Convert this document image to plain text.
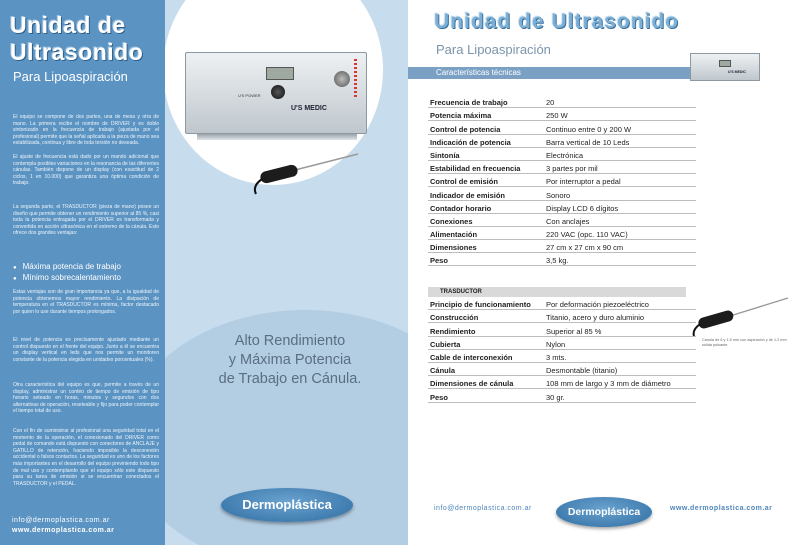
Unidad de
Ultrasonido
Para Lipoaspiración
El equipo se compone de dos partes, una de mesa y otra de mano. La primera recibe el nombre de DRIVER y es doble sintonizado en la frecuencia de trabajo (ajustada por el profesional) permite que la señal aplicada a la pieza de mano sea estabilizada, continua y libre de toda torsión no deseada.
El ajuste de frecuencia está dado por un mando adicional que contempla posibles variaciones en la resonancia de las diferentes cánulas. También dispone de un display (con exactitud de 2 ciclos, 1 en 10.000) que garantiza una óptima condición de trabajo.
La segunda parte, el TRASDUCTOR (pieza de mano) posee un diseño que permite obtener un rendimiento superior al 85 %, casi toda la potencia entragada por el DRIVER es transformada y convertida en acción ultrasónica en el extremo de la cánula. Esto ofrece dos grandes ventajas:
● Máxima potencia de trabajo
● Mínimo sobrecalentamiento
Estas ventajas son de gran importancia ya que, a la igualdad de potencia obtenemos mayor rendimiento. La disipación de temperatura en el TRASDUCTOR es mínima, factor destacado por quien lo use durante tiempos prolongados.
El nivel de potencia es precisamente ajustado mediante un control dispuesto en el frente del equipo. Junto a él se encuentra un display vertical en leds que nos permite un monitoreo constante de la potencia elegida en unidades porcentuales (%).
Otra característica del equipo es que, permite a través de un display, administrar un contéo de tiempo de emisión de tipo horario seteado en horas, minutos y segundos con dos alternativas de operación, reseteable y fijo para poder contemplar el tiempo total de uso.
Con el fin de suministrar al profesional una seguridad total en el momento de la operación, el conexionado del DRIVER como pedal de comando está dispuesto con conectores de ANCLAJE y GATILLO de retención, haciendo imposible la desconexión accidental o falsos contactos. La seguridad es uno de los factores más importantes en el desarrollo del equipo previniendo todo tipo de mal uso y contemplando que el equipo sólo este dispuesto para su tarea de emisión si se encuentran conectados el TRASDUCTOR y el PEDAL.
info@dermoplastica.com.ar
www.dermoplastica.com.ar
U'S POWER
U'S MEDIC
Alto Rendimiento
y Máxima Potencia
de Trabajo en Cánula.
Dermoplástica
Unidad de Ultrasonido
Para Lipoaspiración
Características técnicas	U'S MEDIC
Frecuencia de trabajo	20
Potencia máxima	250 W
Control de potencia	Continuo entre 0 y 200 W
Indicación de potencia	Barra vertical de 10 Leds
Sintonía	Electrónica
Estabilidad en frecuencia	3 partes por mil
Control de emisión	Por interruptor a pedal
Indicador de emisión	Sonoro
Contador horario	Display LCD 6 dígitos
Conexiones	Con anclajes
Alimentación	220 VAC (opc. 110 VAC)
Dimensiones	27 cm x 27 cm x 90 cm
Peso	3,5 kg.
TRASDUCTOR
Principio de funcionamiento	Por deformación piezoeléctrico
Construcción	Titanio, acero y duro aluminio
Rendimiento	Superior al 85 %
Cubierta	Nylon
Cable de interconexión	3 mts.
Cánula	Desmontable (titanio)
Dimensiones de cánula	108 mm de largo y 3 mm de diámetro
Peso	30 gr.
Cánula de 6 y 1.5 mm con aspiración y de 1.2 mm sólida pulsante.
info@dermoplastica.com.ar	Dermoplástica	www.dermoplastica.com.ar
